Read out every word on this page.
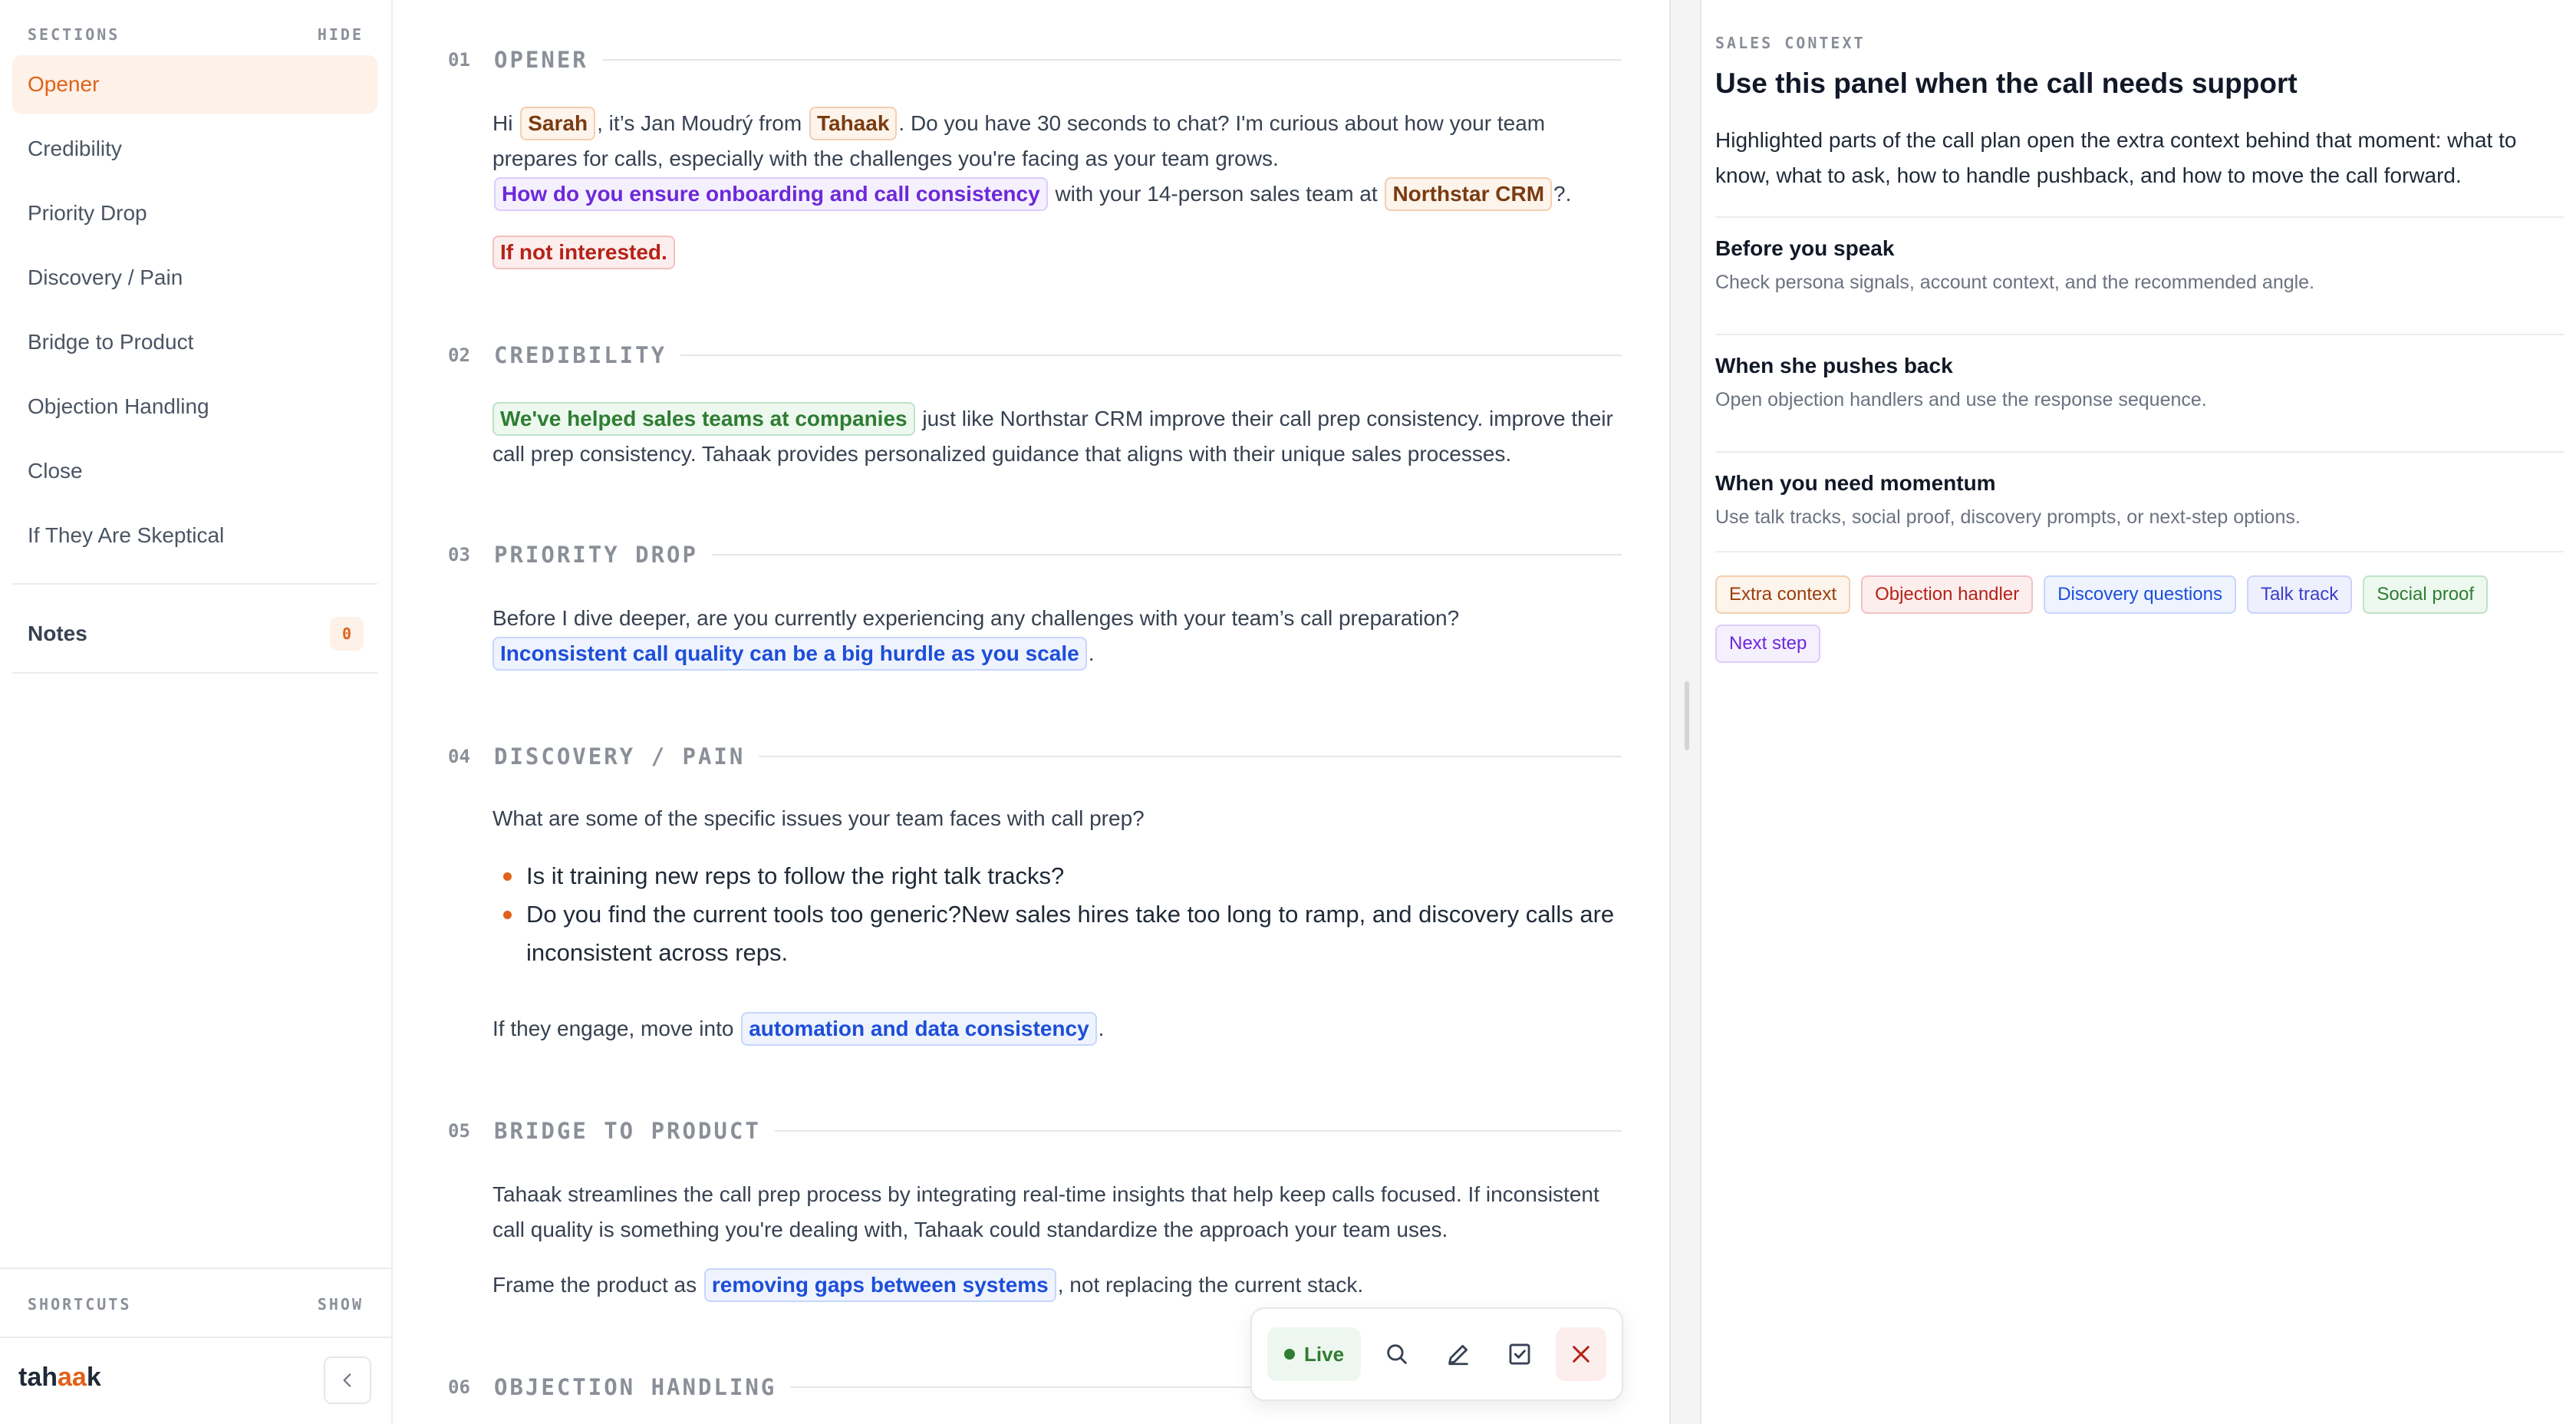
SECTIONS	HIDE
Opener
Credibility
Priority Drop
Discovery / Pain
Bridge to Product
Objection Handling
Close
If They Are Skeptical
Notes	0
SHORTCUTS	SHOW
tahaak
01	OPENER

Hi Sarah , it’s Jan Moudrý from Tahaak . Do you have 30 seconds to chat? I'm curious about how your team prepares for calls, especially with the challenges you're facing as your team grows. How do you ensure onboarding and call consistency with your 14-person sales team at Northstar CRM ?.

If not interested.

02	CREDIBILITY

We've helped sales teams at companies just like Northstar CRM improve their call prep consistency. improve their call prep consistency. Tahaak provides personalized guidance that aligns with their unique sales processes.

03	PRIORITY DROP

Before I dive deeper, are you currently experiencing any challenges with your team’s call preparation? Inconsistent call quality can be a big hurdle as you scale .

04	DISCOVERY / PAIN

What are some of the specific issues your team faces with call prep?

Is it training new reps to follow the right talk tracks?
Do you find the current tools too generic?New sales hires take too long to ramp, and discovery calls are inconsistent across reps.

If they engage, move into automation and data consistency .

05	BRIDGE TO PRODUCT

Tahaak streamlines the call prep process by integrating real-time insights that help keep calls focused. If inconsistent call quality is something you're dealing with, Tahaak could standardize the approach your team uses.

Frame the product as removing gaps between systems , not replacing the current stack.

06	OBJECTION HANDLING
Live
SALES CONTEXT
Use this panel when the call needs support

Highlighted parts of the call plan open the extra context behind that moment: what to know, what to ask, how to handle pushback, and how to move the call forward.

Before you speak
Check persona signals, account context, and the recommended angle.
When she pushes back
Open objection handlers and use the response sequence.
When you need momentum
Use talk tracks, social proof, discovery prompts, or next-step options.
Extra context	Objection handler	Discovery questions	Talk track	Social proof
Next step
